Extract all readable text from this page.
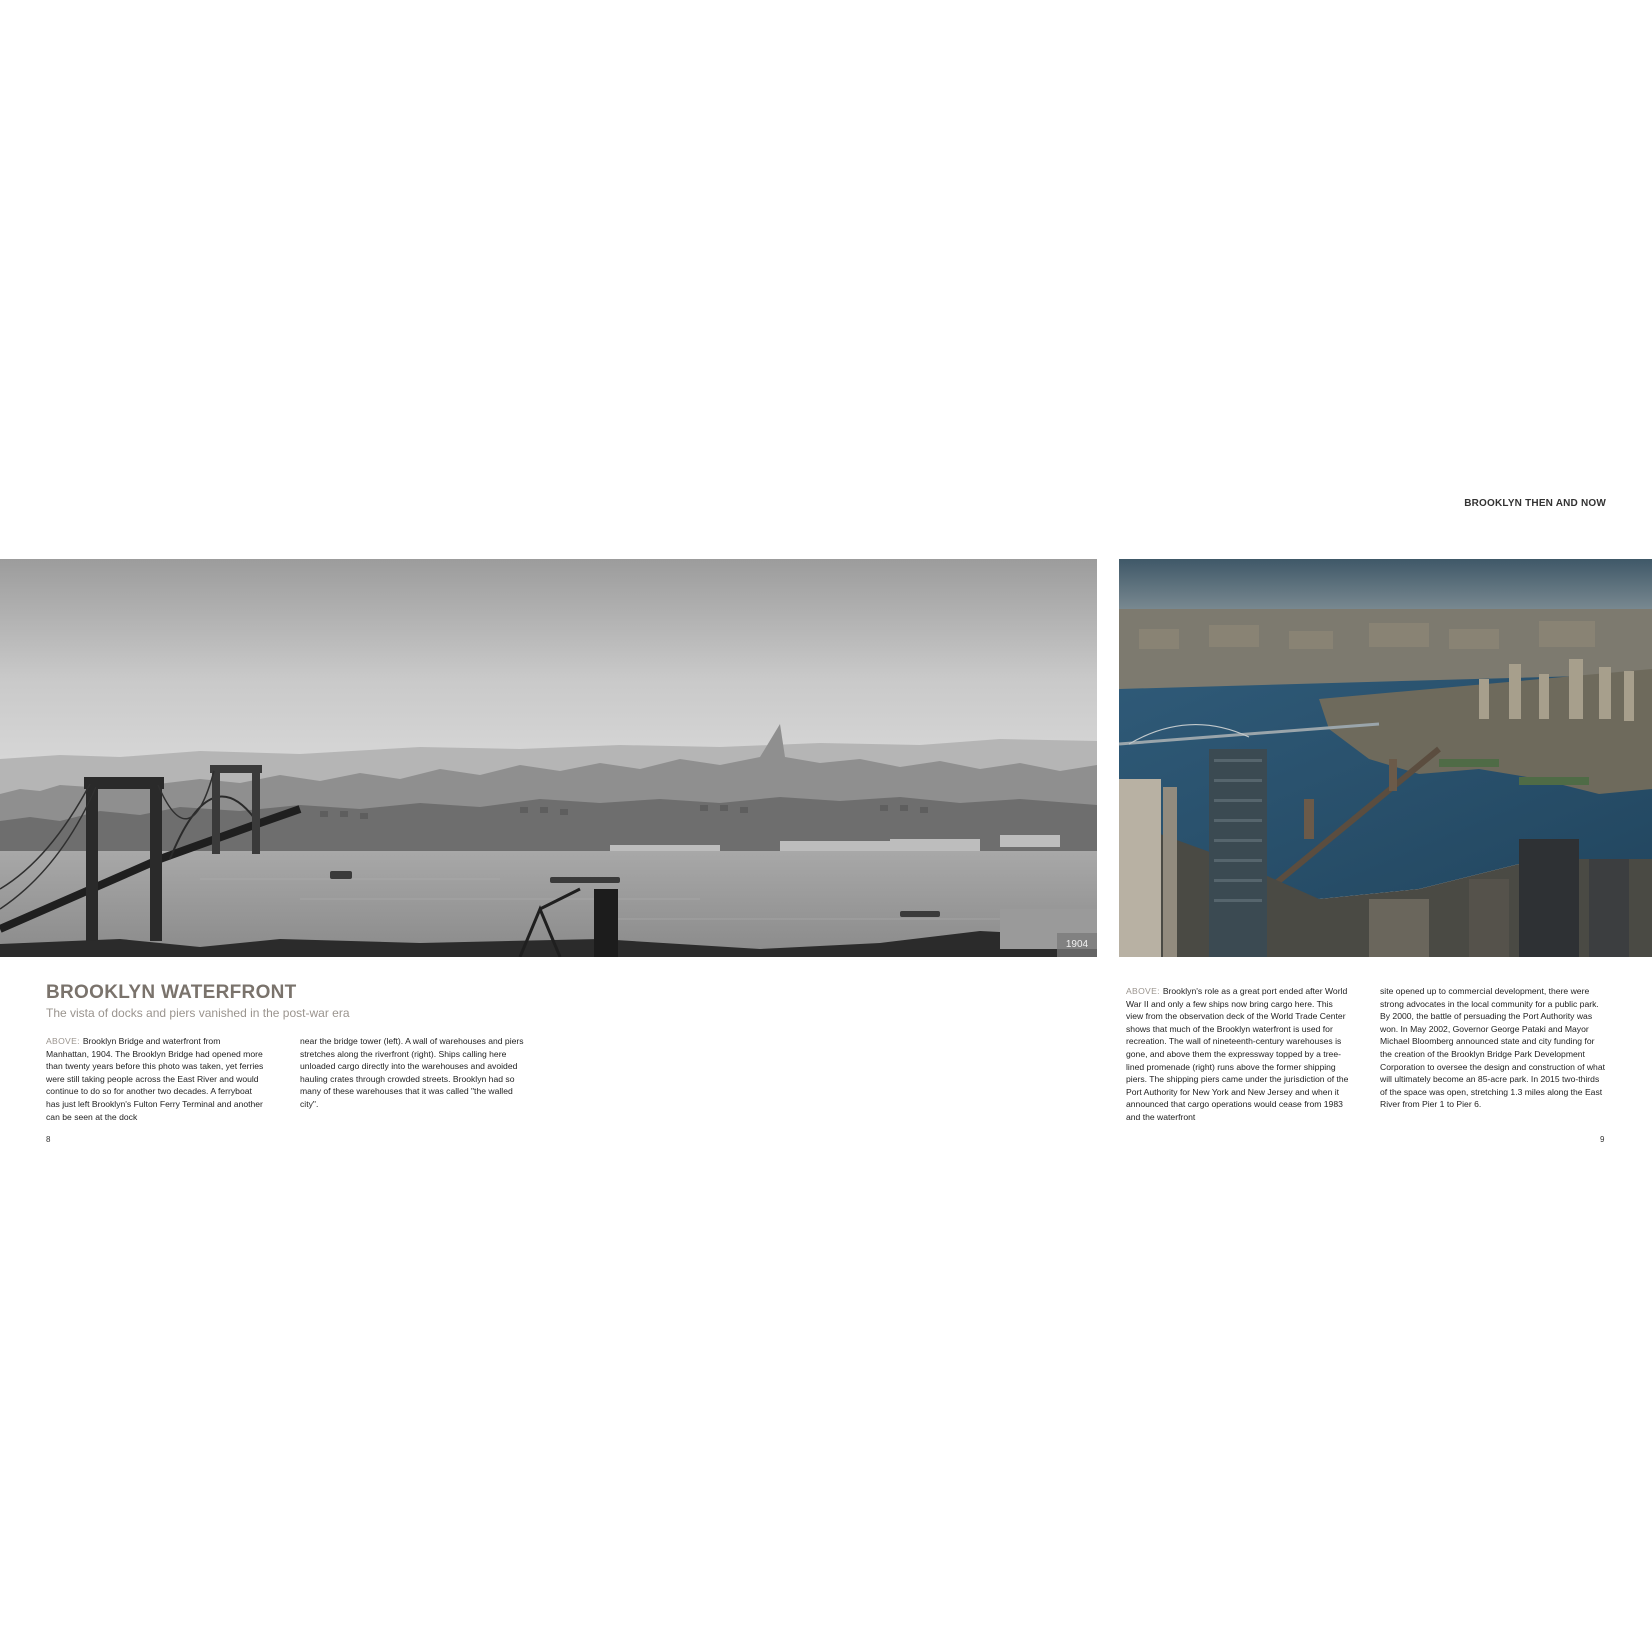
BROOKLYN THEN AND NOW
1904
BROOKLYN WATERFRONT
The vista of docks and piers vanished in the post-war era
ABOVE: Brooklyn Bridge and waterfront from Manhattan, 1904. The Brooklyn Bridge had opened more than twenty years before this photo was taken, yet ferries were still taking people across the East River and would continue to do so for another two decades. A ferryboat has just left Brooklyn's Fulton Ferry Terminal and another can be seen at the dock
near the bridge tower (left). A wall of warehouses and piers stretches along the riverfront (right). Ships calling here unloaded cargo directly into the warehouses and avoided hauling crates through crowded streets. Brooklyn had so many of these warehouses that it was called "the walled city".
ABOVE: Brooklyn's role as a great port ended after World War II and only a few ships now bring cargo here. This view from the observation deck of the World Trade Center shows that much of the Brooklyn waterfront is used for recreation. The wall of nineteenth-century warehouses is gone, and above them the expressway topped by a tree-lined promenade (right) runs above the former shipping piers. The shipping piers came under the jurisdiction of the Port Authority for New York and New Jersey and when it announced that cargo operations would cease from 1983 and the waterfront
site opened up to commercial development, there were strong advocates in the local community for a public park. By 2000, the battle of persuading the Port Authority was won. In May 2002, Governor George Pataki and Mayor Michael Bloomberg announced state and city funding for the creation of the Brooklyn Bridge Park Development Corporation to oversee the design and construction of what will ultimately become an 85-acre park. In 2015 two-thirds of the space was open, stretching 1.3 miles along the East River from Pier 1 to Pier 6.
8	9
